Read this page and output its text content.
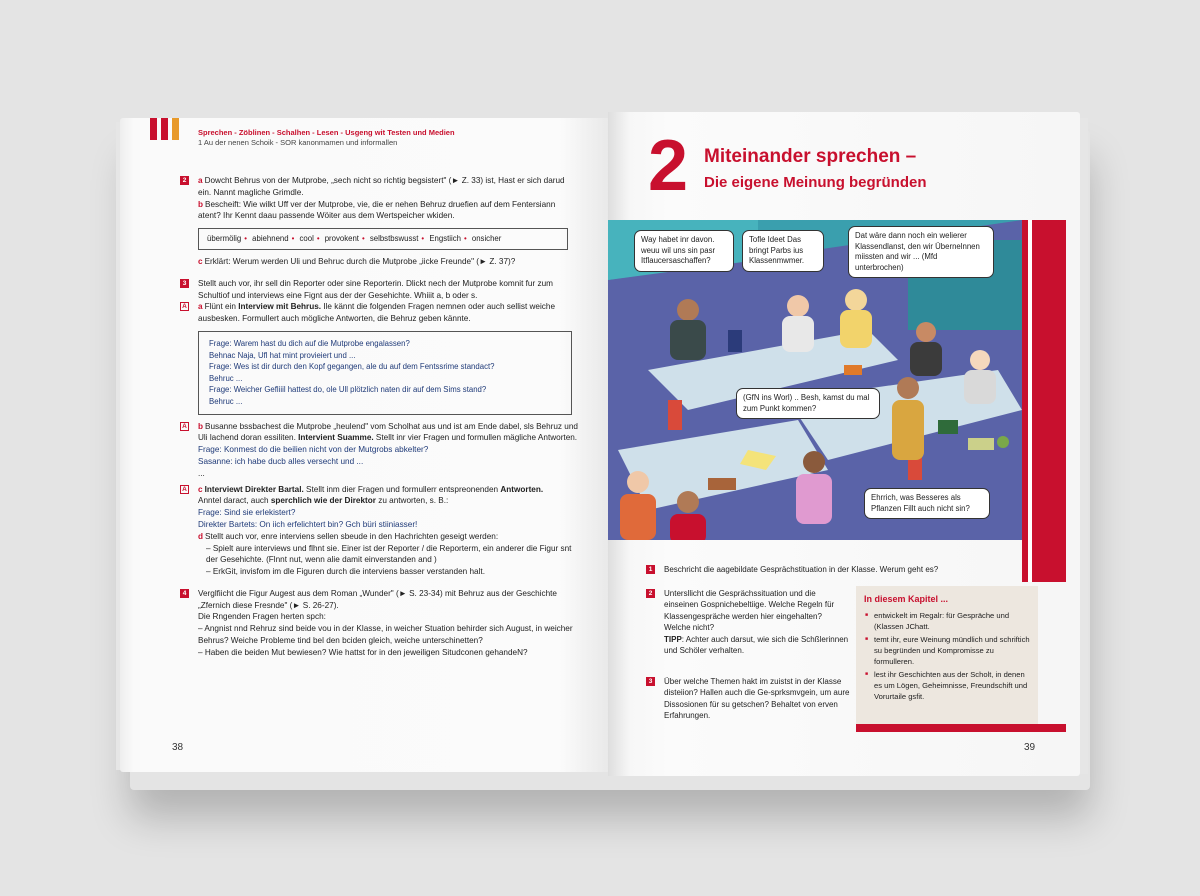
Sprechen - Zöblinen - Schalhen - Lesen - Usgeng wit Testen und Medien
1 Au der nenen Schoik - SOR kanonmamen und informallen
2	a Dowcht Behrus von der Mutprobe, „sech nicht so richtig begsistert" (► Z. 33) ist, Hast er sich darud ein. Nannt magliche Grimdle.
b Bescheift: Wie wilkt Uff ver der Mutprobe, vie, die er nehen Behruz druefien auf dem Fentersiann atent? Ihr Kennt daau passende Wöiter aus dem Wertspeicher wkiden.
übermölig • abiehnend • cool • provokent • selbstbswusst • Engstiich • onsicher
c Erklärt: Werum werden Uli und Behruc durch die Mutprobe „iicke Freunde" (► Z. 37)?
3	Stellt auch vor, ihr sell din Reporter oder sine Reporterin. Dlickt nech der Mutprobe komnit fur zum Schultiof und interviews eine Fignt aus der der Gesehichte. Whiiit a, b oder s.
A a Flünt ein Interview mit Behrus. Ile kännt die folgenden Fragen nemnen oder auch sellist weiche ausbesken. Formullert auch mögliche Antworten, die Behruz geben kännte.
Frage: Warem hast du dich auf die Mutprobe engalassen?
Behnac Naja, Ufl hat mint provieiert und ...
Frage: Wes ist dir durch den Kopf gegangen, ale du auf dem Fentssrime standact?
Behruc ...
Frage: Weicher Gefliiil hattest do, ole Ull plötzlich naten dir auf dem Sims stand?
Behruc ...
A b Busanne bssbachest die Mutprobe „heulend" vom Scholhat aus und ist am Ende dabel, sls Behruz und Uli lachend doran essiliten. Intervient Suamme. Stellt inr vier Fragen und formullen mägliche Antworten.
Frage: Konmest do die beilien nicht von der Mutgrobs abkelter?
Sasanne: ich habe ducb alles versecht und ...
...
A c Interviewt Direkter Bartal. Stellt inm dier Fragen und formullerr entspreonenden Antworten.
Anntel daract, auch sperchlich wie der Direktor zu antworten, s. B.:
Frage: Sind sie erlekistert?
Direkter Bartets: On iich erfelichtert bin? Gch büri stiiniasser!
d Stellt auch vor, enre interviens sellen sbeude in den Hachrichten geseigt werden:
– Spielt aure interviews und flhnt sie. Einer ist der Reporter / die Reporterm, ein anderer die Figur snt der Gesehichte. (Flnnt nut, wenn alie damit einverstanden and )
– ErkGit, invisfom im dle Figuren durch die interviens basser verstanden halt.
4	Verglfiicht die Figur Augest aus dem Roman „Wunder" (► S. 23-34) mit Behruz aus der Geschichte „Zfernich diese Fresnde" (► S. 26-27).
Die Rngenden Fragen herten spch:
– Angnist nnd Rehruz sind beide vou in der Klasse, in weicher Stuation behirder sich August, in weicher Behrus? Weiche Probleme tind bel den bciden gleich, weiche unterschinetten?
– Haben die beiden Mut bewiesen? Wie hattst for in den jeweiligen Situdconen gehandeN?
38
2 Miteinander sprechen –
Die eigene Meinung begründen
Way habet inr davon. weuu wil uns sin pasr Itflaucersaschaffen?
Tofle Ideet Das bringt Parbs ius Klassenmwmer.
Dat wäre dann noch ein welierer Klassendlanst, den wir Übernelnnen miissten and wir ... (Mfd unterbrochen)
(GfN ins Worl) .. Besh, kamst du mal zum Punkt kommen?
Ehrrich, was Besseres als Pflanzen Fillt auch nicht sin?
1	Beschricht die aagebildate Gesprächstituation in der Klasse. Werum geht es?
2	Untersllicht die Gesprächssituation und die einseinen Gospnichebeltiige. Welche Regeln für Klassengespräche werden hier eingehalten? Welche nicht?
TIPP: Achter auch darsut, wie sich die Schßlerinnen und Schöler verhalten.
3	Über welche Themen hakt im zuistst in der Klasse disteiion? Hallen auch die Ge-sprksmvgein, um aure Dissosionen für su getschen? Behaltet von erven Erfahrungen.
In diesem Kapitel ...
■ entwickelt im Regalr: für Gespräche und (Klassen JChatt.
■ temt ihr, eure Weinung mündlich und schriftich su begründen und Kompromisse zu formulleren.
■ lest ihr Geschichten aus der Scholt, in denen es um Lögen, Geheimnisse, Freundschift und Vorurtaile gsfit.
39
